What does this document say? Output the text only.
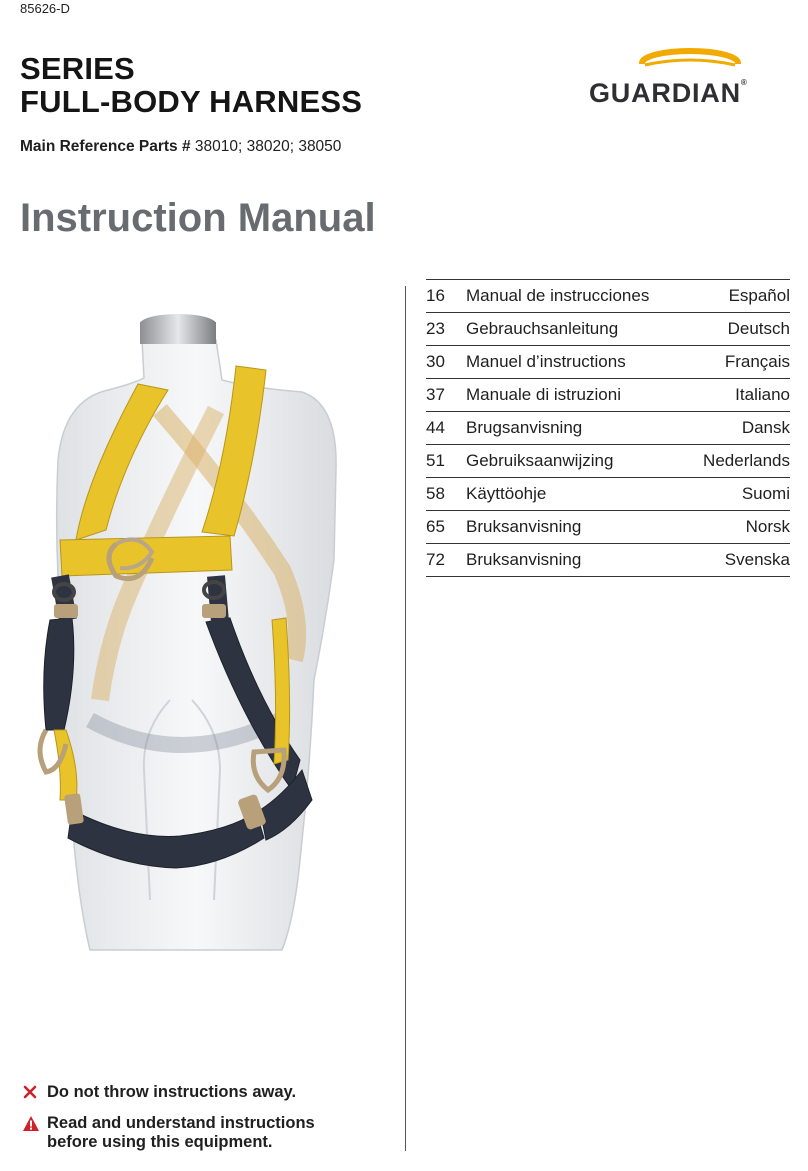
85626-D
SERIES
FULL-BODY HARNESS	GUARDIAN®
Main Reference Parts # 38010; 38020; 38050
Instruction Manual
16 Manual de instrucciones	Español
23 Gebrauchsanleitung	Deutsch
30 Manuel d’instructions	Français
37 Manuale di istruzioni	Italiano
44 Brugsanvisning	Dansk
51 Gebruiksaanwijzing	Nederlands
58 Käyttöohje	Suomi
65 Bruksanvisning	Norsk
72 Bruksanvisning	Svenska
Do not throw instructions away.
Read and understand instructions
before using this equipment.
